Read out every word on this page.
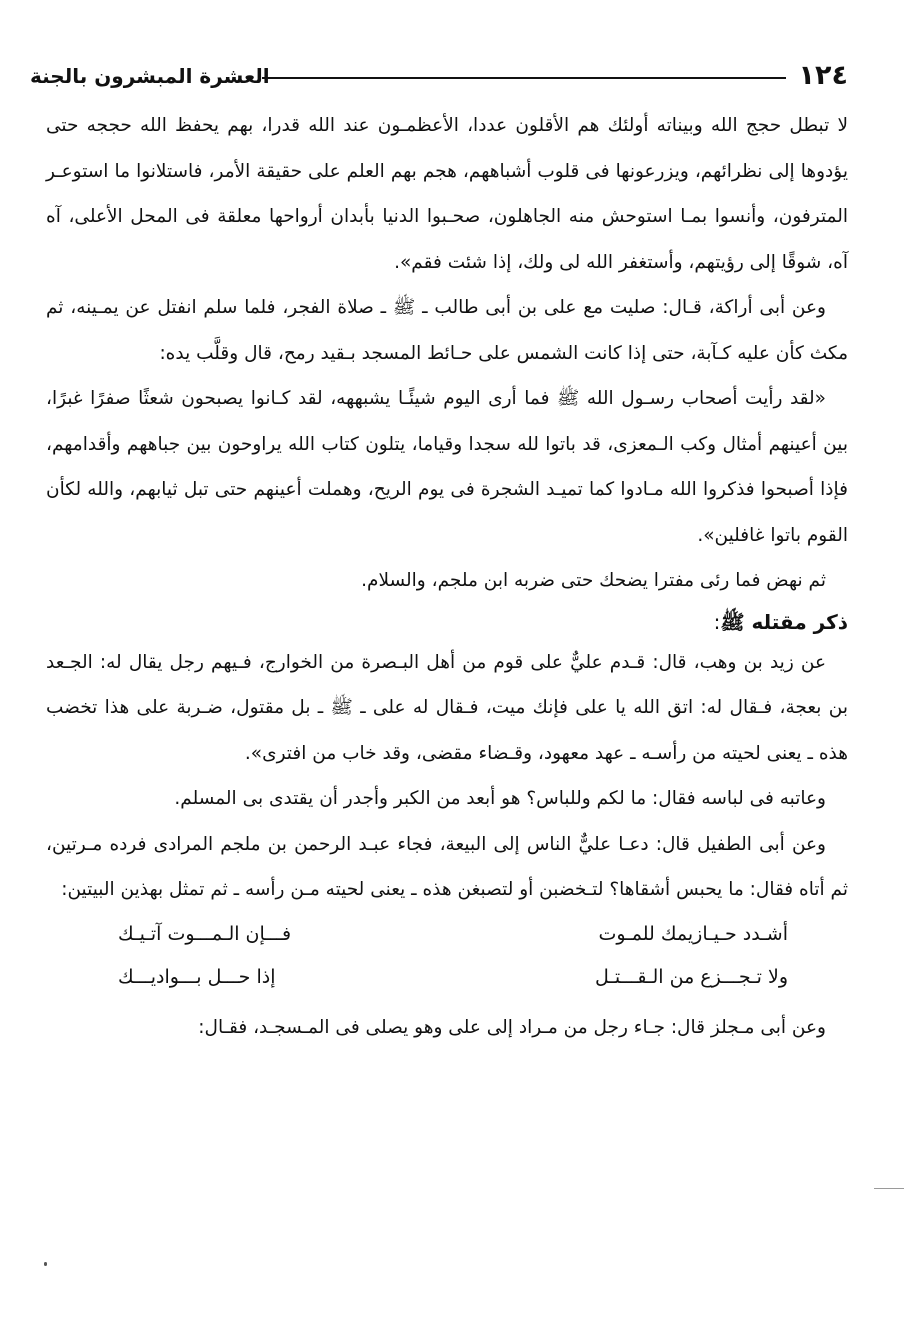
١٢٤
العشرة المبشرون بالجنة

لا تبطل حجج الله وبيناته أولئك هم الأقلون عددا، الأعظمـون عند الله قدرا، بهم يحفظ الله حججه حتى يؤدوها إلى نظرائهم، ويزرعونها فى قلوب أشباههم، هجم بهم العلم على حقيقة الأمر، فاستلانوا ما استوعـر المترفون، وأنسوا بمـا استوحش منه الجاهلون، صحـبوا الدنيا بأبدان أرواحها معلقة فى المحل الأعلى، آه آه، شوقًا إلى رؤيتهم، وأستغفر الله لى ولك، إذا شئت فقم».

وعن أبى أراكة، قـال: صليت مع على بن أبى طالب ـ ﷺ ـ صلاة الفجر، فلما سلم انفتل عن يمـينه، ثم مكث كأن عليه كـآبة، حتى إذا كانت الشمس على حـائط المسجد بـقيد رمح، قال وقلَّب يده:

«لقد رأيت أصحاب رسـول الله ﷺ فما أرى اليوم شيئًـا يشبههه، لقد كـانوا يصبحون شعثًا صفرًا غبرًا، بين أعينهم أمثال وكب الـمعزى، قد باتوا لله سجدا وقياما، يتلون كتاب الله يراوحون بين جباههم وأقدامهم، فإذا أصبحوا فذكروا الله مـادوا كما تميـد الشجرة فى يوم الريح، وهملت أعينهم حتى تبل ثيابهم، والله لكأن القوم باتوا غافلين».

ثم نهض فما رئى مفترا يضحك حتى ضربه ابن ملجم، والسلام.

ذكر مقتله ﷺ:

عن زيد بن وهب، قال: قـدم عليٌّ على قوم من أهل البـصرة من الخوارج، فـيهم رجل يقال له: الجـعد بن بعجة، فـقال له: اتق الله يا على فإنك ميت، فـقال له على ـ ﷺ ـ بل مقتول، ضـربة على هذا تخضب هذه ـ يعنى لحيته من رأسـه ـ عهد معهود، وقـضاء مقضى، وقد خاب من افترى».

وعاتبه فى لباسه فقال: ما لكم وللباس؟ هو أبعد من الكبر وأجدر أن يقتدى بى المسلم.

وعن أبى الطفيل قال: دعـا عليٌّ الناس إلى البيعة، فجاء عبـد الرحمن بن ملجم المرادى فرده مـرتين، ثم أتاه فقال: ما يحبس أشقاها؟ لتـخضبن أو لتصبغن هذه ـ يعنى لحيته مـن رأسه ـ ثم تمثل بهذين البيتين:

أشـدد حـيـازيمك للمـوت
فـــإن الـمـــوت آتـيـك
ولا تـجـــزع من الـقـــتـل
إذا حـــل بـــواديـــك

وعن أبى مـجلز قال: جـاء رجل من مـراد إلى على وهو يصلى فى المـسجـد، فقـال:
